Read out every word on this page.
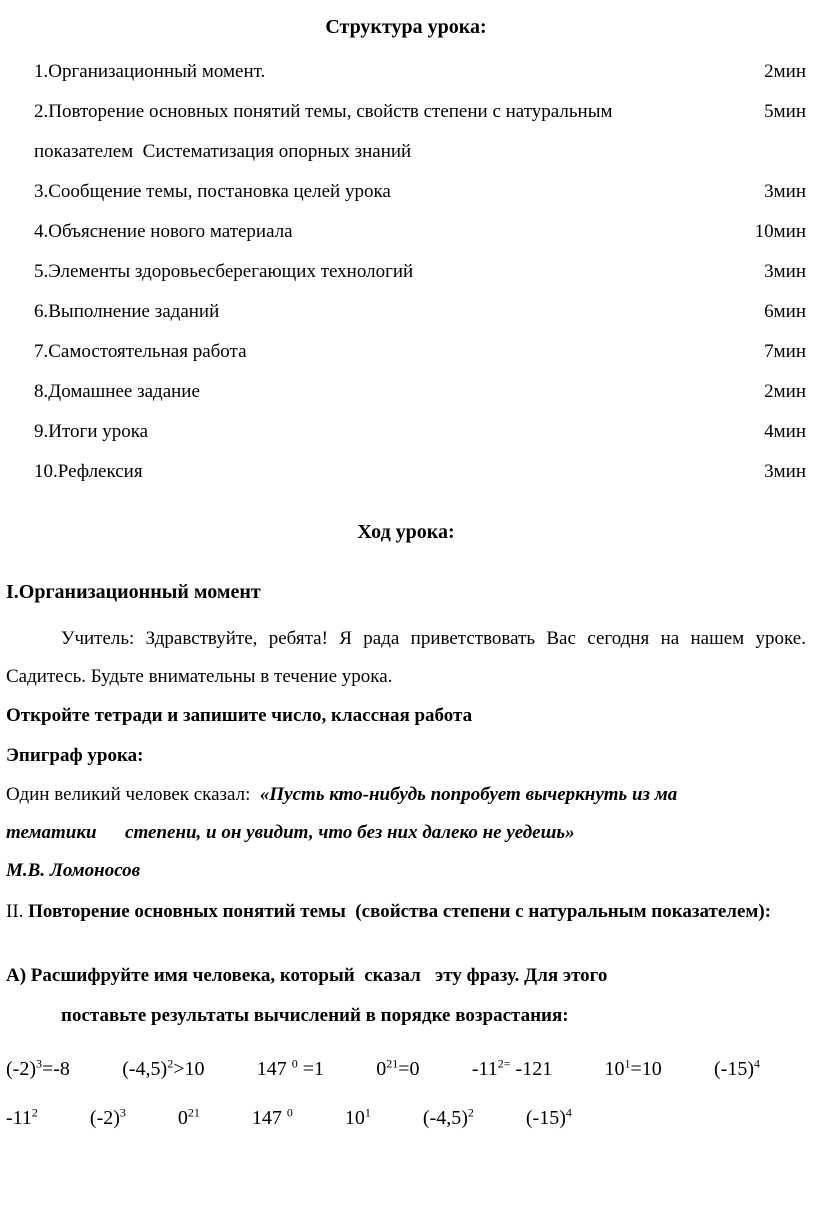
Структура урока:
1.Организационный момент.	2мин
2.Повторение основных понятий темы, свойств степени с натуральным	5мин
показателем  Систематизация опорных знаний
3.Сообщение темы, постановка целей урока	3мин
4.Объяснение нового материала	10мин
5.Элементы здоровьесберегающих технологий	3мин
6.Выполнение заданий	6мин
7.Самостоятельная работа	7мин
8.Домашнее задание	2мин
9.Итоги урока	4мин
10.Рефлексия	3мин
Ход урока:
I.Организационный момент
Учитель: Здравствуйте, ребята! Я рада приветствовать Вас сегодня на нашем уроке. Садитесь. Будьте внимательны в течение урока.
Откройте тетради и запишите число, классная работа
Эпиграф урока:
Один великий человек сказал:  «Пусть кто-нибудь попробует вычеркнуть из ма
тематики      степени, и он увидит, что без них далеко не уедешь»
М.В. Ломоносов
II. Повторение основных понятий темы  (свойства степени с натуральным показателем):
А) Расшифруйте имя человека, который  сказал   эту фразу. Для этого
поставьте результаты вычислений в порядке возрастания:
$(-2)^3=-8$	$(-4,5)^2>10$	147 $^0$ =1	$0^{21}=0$	$-11^{2=}$ -121	$10^1=10$	$(-15)^4$
$-11^2$	$(-2)^3$	$0^{21}$	147 $^0$	$10^1$	$(-4,5)^2$	$(-15)^4$
